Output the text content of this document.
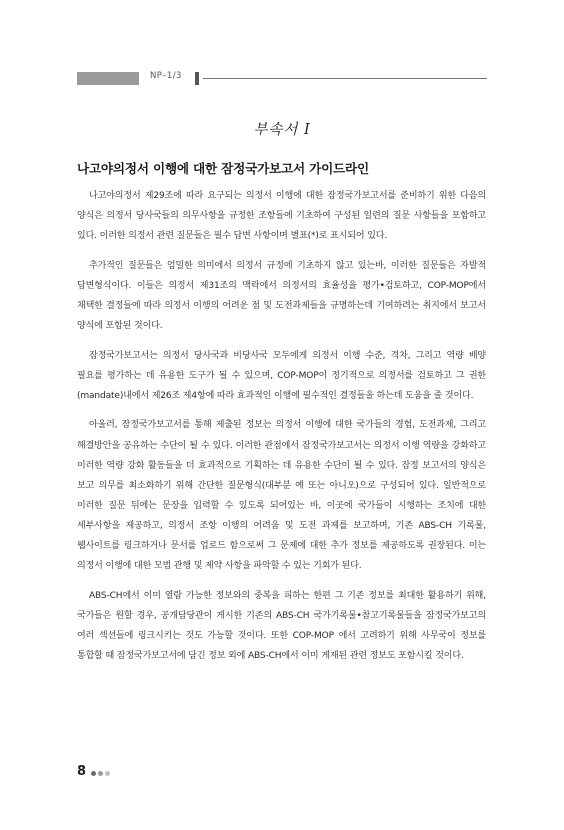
NP–1/3
부속서 I
나고야의정서 이행에 대한 잠정국가보고서 가이드라인

나고야의정서 제29조에 따라 요구되는 의정서 이행에 대한 잠정국가보고서를 준비하기 위한 다음의 양식은 의정서 당사국들의 의무사항을 규정한 조항들에 기초하여 구성된 일련의 질문 사항들을 포함하고 있다. 이러한 의정서 관련 질문들은 필수 답변 사항이며 별표(*)로 표시되어 있다.

추가적인 질문들은 엄밀한 의미에서 의정서 규정에 기초하지 않고 있는바, 이러한 질문들은 자발적 답변형식이다. 이들은 의정서 제31조의 맥락에서 의정서의 효율성을 평가•검토하고, COP-MOP에서 채택한 결정들에 따라 의정서 이행의 어려운 점 및 도전과제들을 규명하는데 기여하려는 취지에서 보고서 양식에 포함된 것이다.

잠정국가보고서는 의정서 당사국과 비당사국 모두에게 의정서 이행 수준, 격차, 그리고 역량 배양 필요를 평가하는 데 유용한 도구가 될 수 있으며, COP-MOP이 정기적으로 의정서를 검토하고 그 권한(mandate)내에서 제26조 제4항에 따라 효과적인 이행에 필수적인 결정들을 하는데 도움을 줄 것이다.

아울러, 잠정국가보고서를 통해 제출된 정보는 의정서 이행에 대한 국가들의 경험, 도전과제, 그리고 해결방안을 공유하는 수단이 될 수 있다. 이러한 관점에서 잠정국가보고서는 의정서 이행 역량을 강화하고 이러한 역량 강화 활동들을 더 효과적으로 기획하는 데 유용한 수단이 될 수 있다. 잠정 보고서의 양식은 보고 의무를 최소화하기 위해 간단한 질문형식(대부분 예 또는 아니오)으로 구성되어 있다. 일반적으로 이러한 질문 뒤에는 문장을 입력할 수 있도록 되어있는 바, 이곳에 국가들이 시행하는 조치에 대한 세부사항을 제공하고, 의정서 조항 이행의 어려움 및 도전 과제를 보고하며, 기존 ABS-CH 기록물, 웹사이트를 링크하거나 문서를 업로드 함으로써 그 문제에 대한 추가 정보를 제공하도록 권장된다. 이는 의정서 이행에 대한 모범 관행 및 제약 사항을 파악할 수 있는 기회가 된다.

ABS-CH에서 이미 열람 가능한 정보와의 중복을 피하는 한편 그 기존 정보를 최대한 활용하기 위해, 국가들은 원할 경우, 공개담당관이 게시한 기존의 ABS-CH 국가기록물•참고기록물들을 잠정국가보고의 여러 섹션들에 링크시키는 것도 가능할 것이다. 또한 COP-MOP 에서 고려하기 위해 사무국이 정보를 통합할 때 잠정국가보고서에 담긴 정보 외에 ABS-CH에서 이미 게재된 관련 정보도 포함시킬 것이다.

8
